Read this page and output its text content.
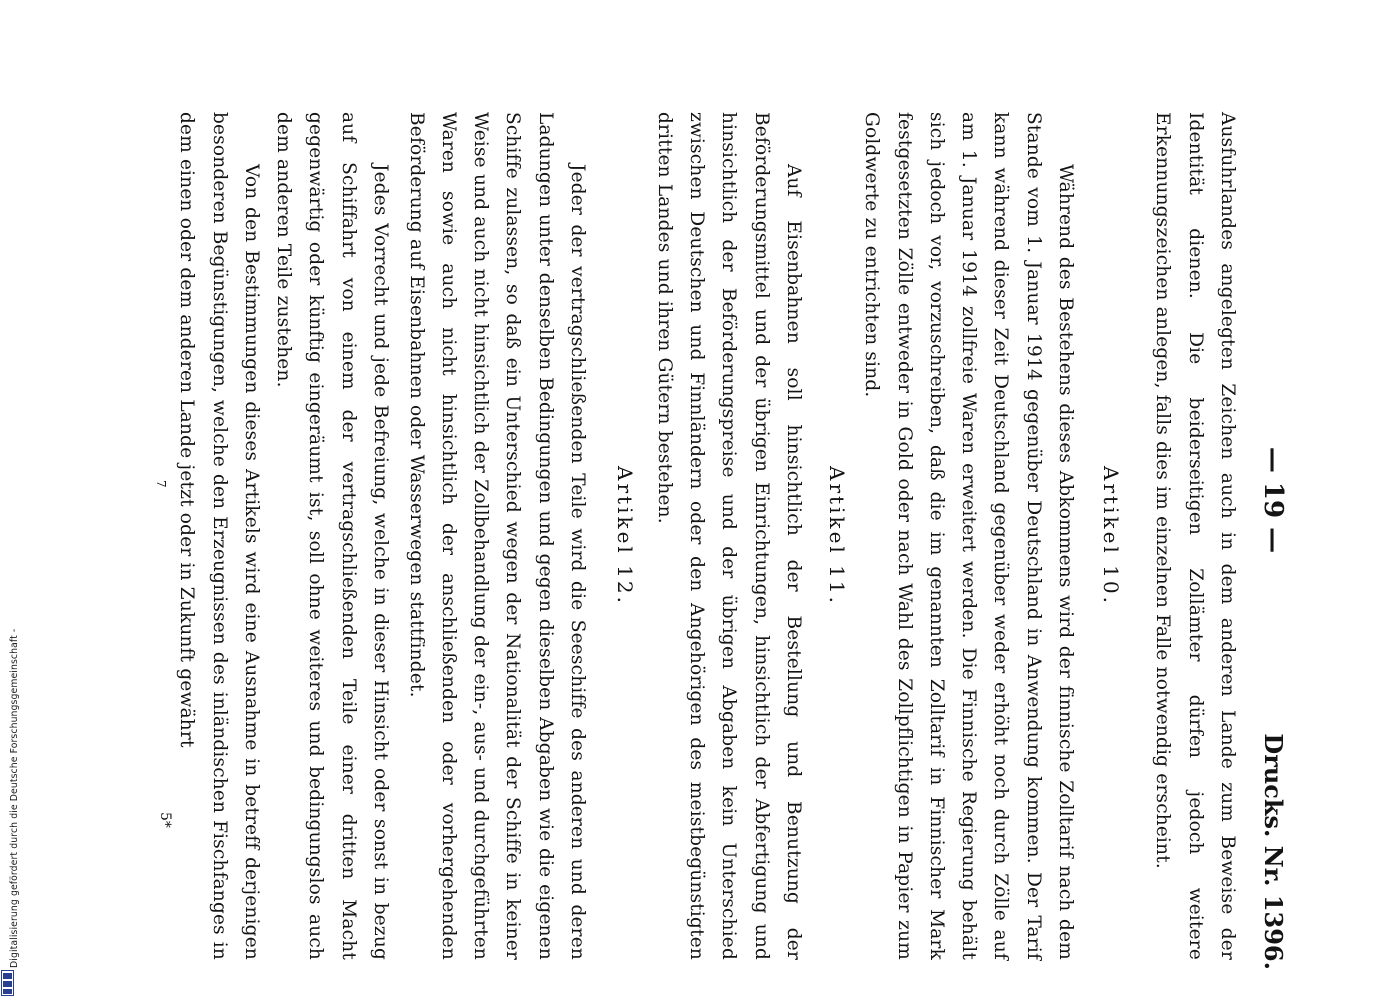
— 19 —
Drucks. Nr. 1396.

Ausfuhrlandes angelegten Zeichen auch in dem anderen Lande zum Beweise der Identität dienen. Die beiderseitigen Zollämter dürfen jedoch weitere Erkennungszeichen anlegen, falls dies im einzelnen Falle notwendig erscheint.

Artikel 10.

Während des Bestehens dieses Abkommens wird der finnische Zolltarif nach dem Stande vom 1. Januar 1914 gegenüber Deutschland in Anwendung kommen. Der Tarif kann während dieser Zeit Deutschland gegenüber weder erhöht noch durch Zölle auf am 1. Januar 1914 zollfreie Waren erweitert werden. Die Finnische Regierung behält sich jedoch vor, vorzuschreiben, daß die im genannten Zolltarif in Finnischer Mark festgesetzten Zölle entweder in Gold oder nach Wahl des Zollpflichtigen in Papier zum Goldwerte zu entrichten sind.

Artikel 11.

Auf Eisenbahnen soll hinsichtlich der Bestellung und Benutzung der Beförderungsmittel und der übrigen Einrichtungen, hinsichtlich der Abfertigung und hinsichtlich der Beförderungspreise und der übrigen Abgaben kein Unterschied zwischen Deutschen und Finnländern oder den Angehörigen des meistbegünstigten dritten Landes und ihren Gütern bestehen.

Artikel 12.

Jeder der vertragschließenden Teile wird die Seeschiffe des anderen und deren Ladungen unter denselben Bedingungen und gegen dieselben Abgaben wie die eigenen Schiffe zulassen, so daß ein Unterschied wegen der Nationalität der Schiffe in keiner Weise und auch nicht hinsichtlich der Zollbehandlung der ein-, aus- und durchgeführten Waren sowie auch nicht hinsichtlich der anschließenden oder vorhergehenden Beförderung auf Eisenbahnen oder Wasserwegen stattfindet.

Jedes Vorrecht und jede Befreiung, welche in dieser Hinsicht oder sonst in bezug auf Schiffahrt von einem der vertragschließenden Teile einer dritten Macht gegenwärtig oder künftig eingeräumt ist, soll ohne weiteres und bedingungslos auch dem anderen Teile zustehen.

Von den Bestimmungen dieses Artikels wird eine Ausnahme in betreff derjenigen besonderen Begünstigungen, welche den Erzeugnissen des inländischen Fischfanges in dem einen oder dem anderen Lande jetzt oder in Zukunft gewährt

7
5*
Digitalisierung gefördert durch die Deutsche Forschungsgemeinschaft -
